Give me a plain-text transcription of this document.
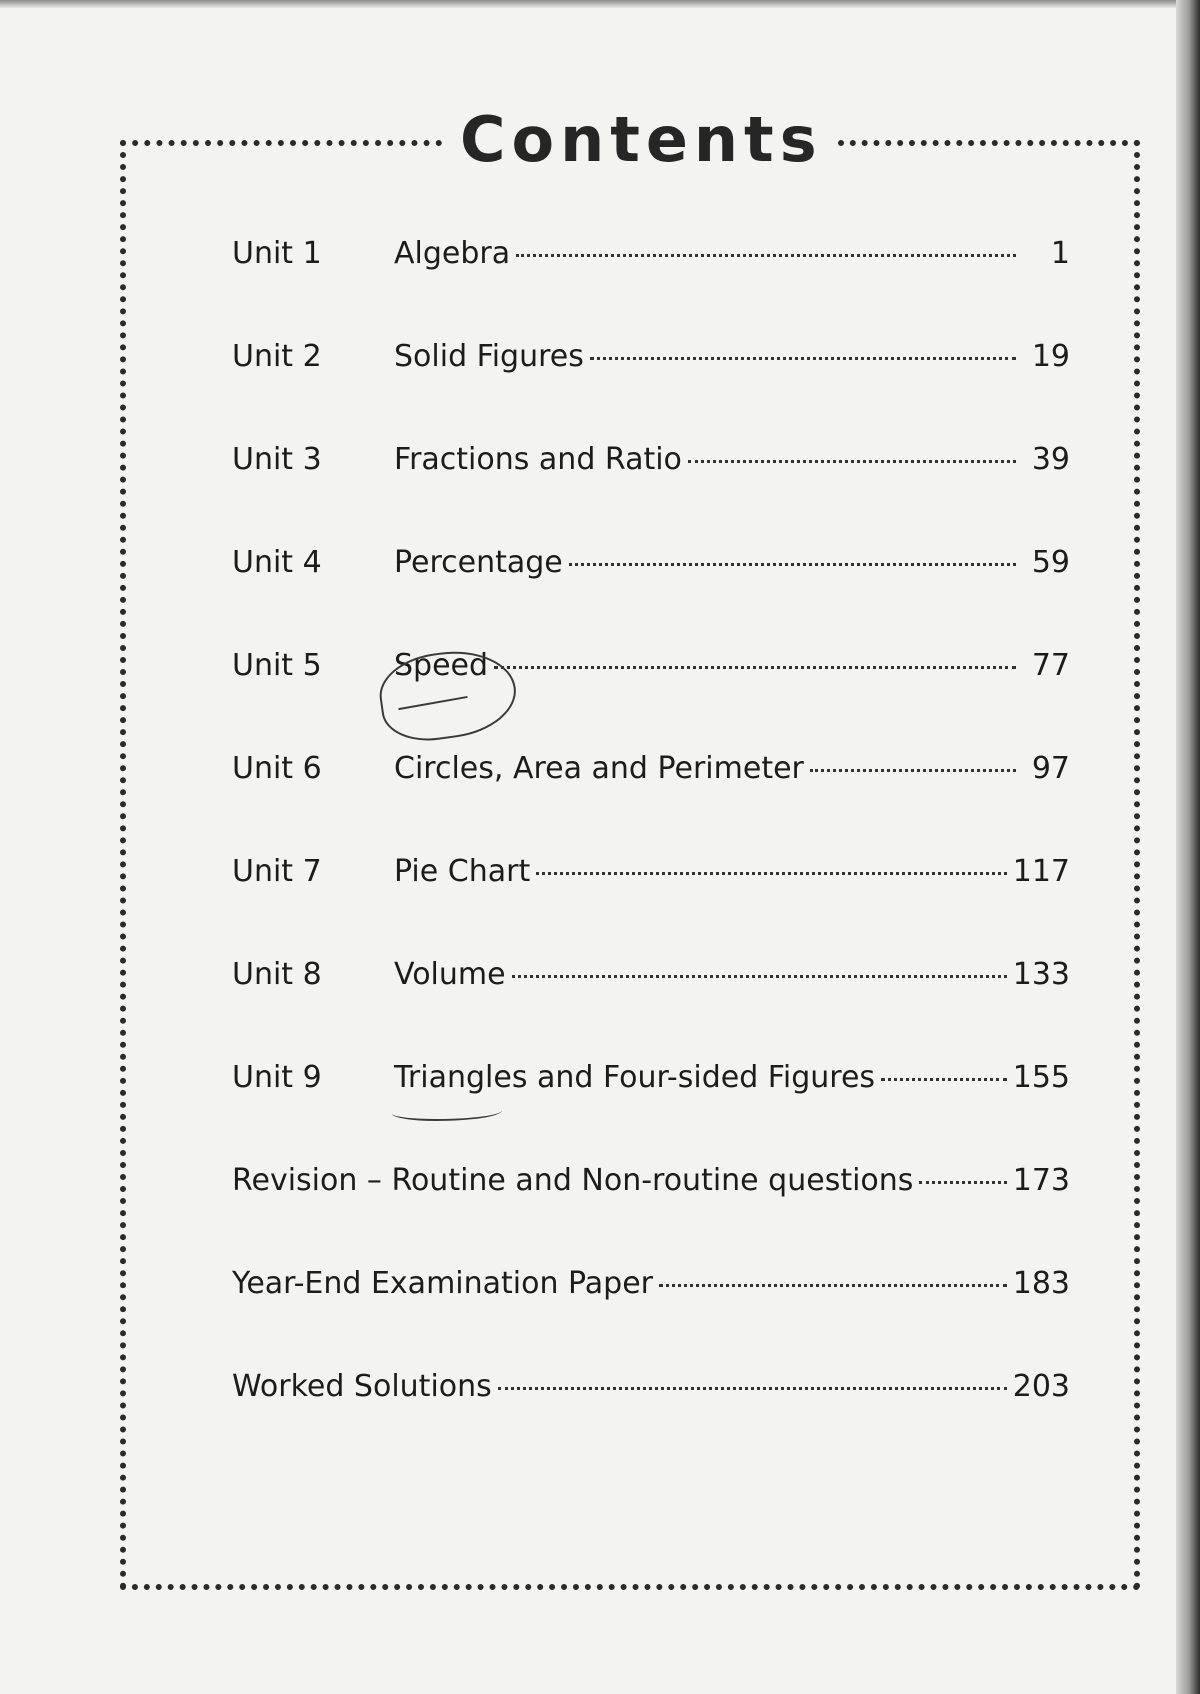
Contents
Unit 1	Algebra	1
Unit 2	Solid Figures	19
Unit 3	Fractions and Ratio	39
Unit 4	Percentage	59
Unit 5	Speed	77
Unit 6	Circles, Area and Perimeter	97
Unit 7	Pie Chart	117
Unit 8	Volume	133
Unit 9	Triangles and Four-sided Figures	155
Revision – Routine and Non-routine questions	173
Year-End Examination Paper	183
Worked Solutions	203
